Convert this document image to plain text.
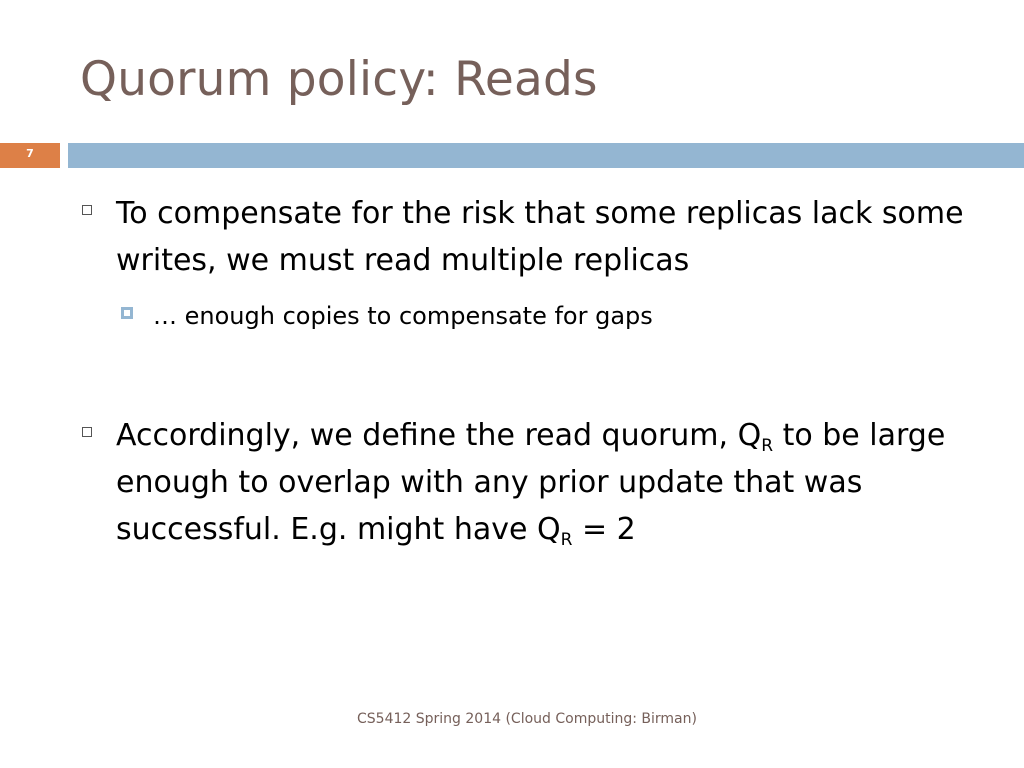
Quorum policy: Reads
7
To compensate for the risk that some replicas lack some writes, we must read multiple replicas
… enough copies to compensate for gaps
Accordingly, we define the read quorum, $Q_R$ to be large enough to overlap with any prior update that was successful. E.g. might have $Q_R = 2$
CS5412 Spring 2014 (Cloud Computing: Birman)
